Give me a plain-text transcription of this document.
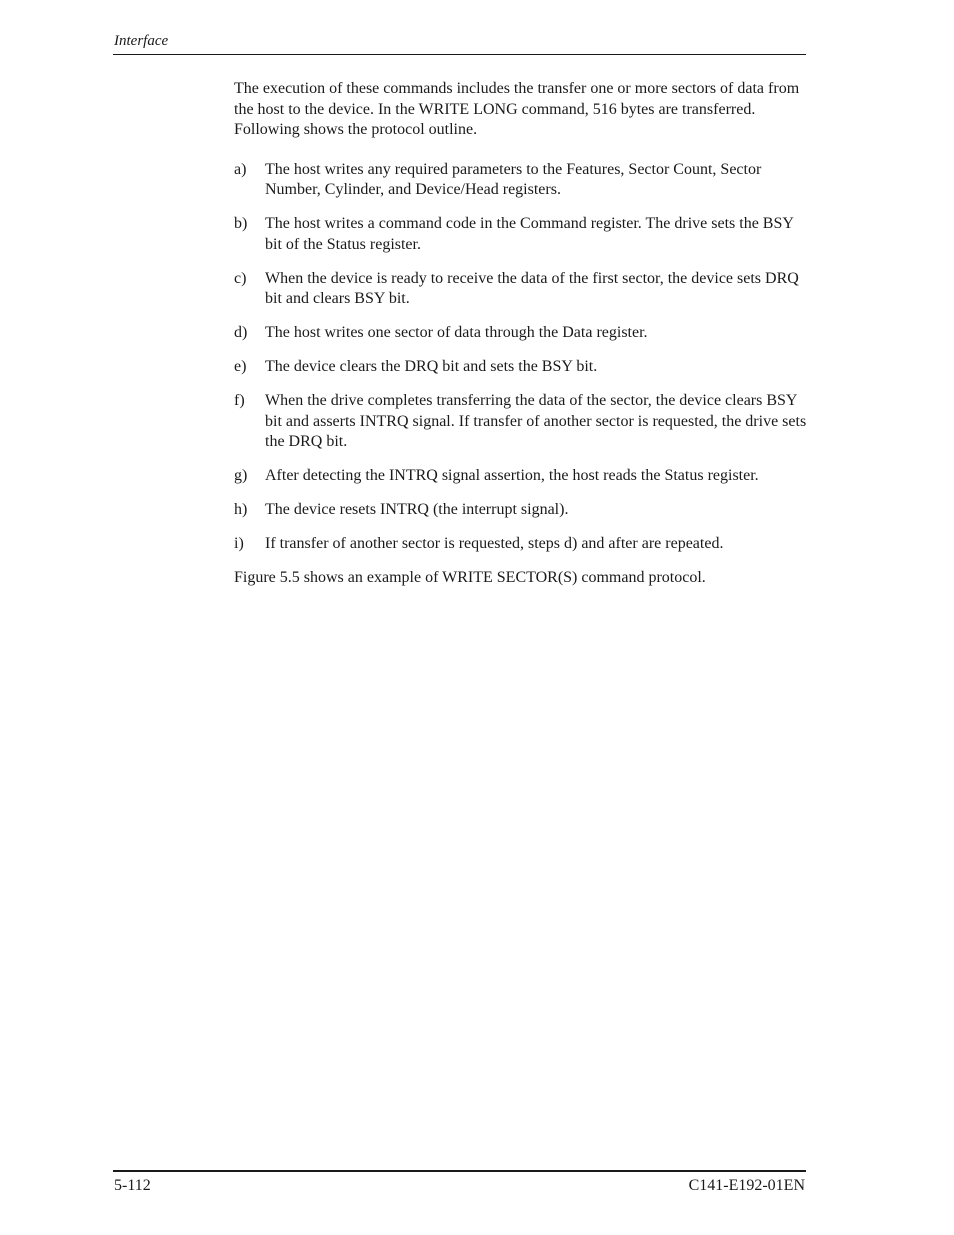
Interface

The execution of these commands includes the transfer one or more sectors of data from the host to the device. In the WRITE LONG command, 516 bytes are transferred. Following shows the protocol outline.

a)	The host writes any required parameters to the Features, Sector Count, Sector Number, Cylinder, and Device/Head registers.
b)	The host writes a command code in the Command register. The drive sets the BSY bit of the Status register.
c)	When the device is ready to receive the data of the first sector, the device sets DRQ bit and clears BSY bit.
d)	The host writes one sector of data through the Data register.
e)	The device clears the DRQ bit and sets the BSY bit.
f)	When the drive completes transferring the data of the sector, the device clears BSY bit and asserts INTRQ signal. If transfer of another sector is requested, the drive sets the DRQ bit.
g)	After detecting the INTRQ signal assertion, the host reads the Status register.
h)	The device resets INTRQ (the interrupt signal).
i)	If transfer of another sector is requested, steps d) and after are repeated.

Figure 5.5 shows an example of WRITE SECTOR(S) command protocol.

5-112	C141-E192-01EN
